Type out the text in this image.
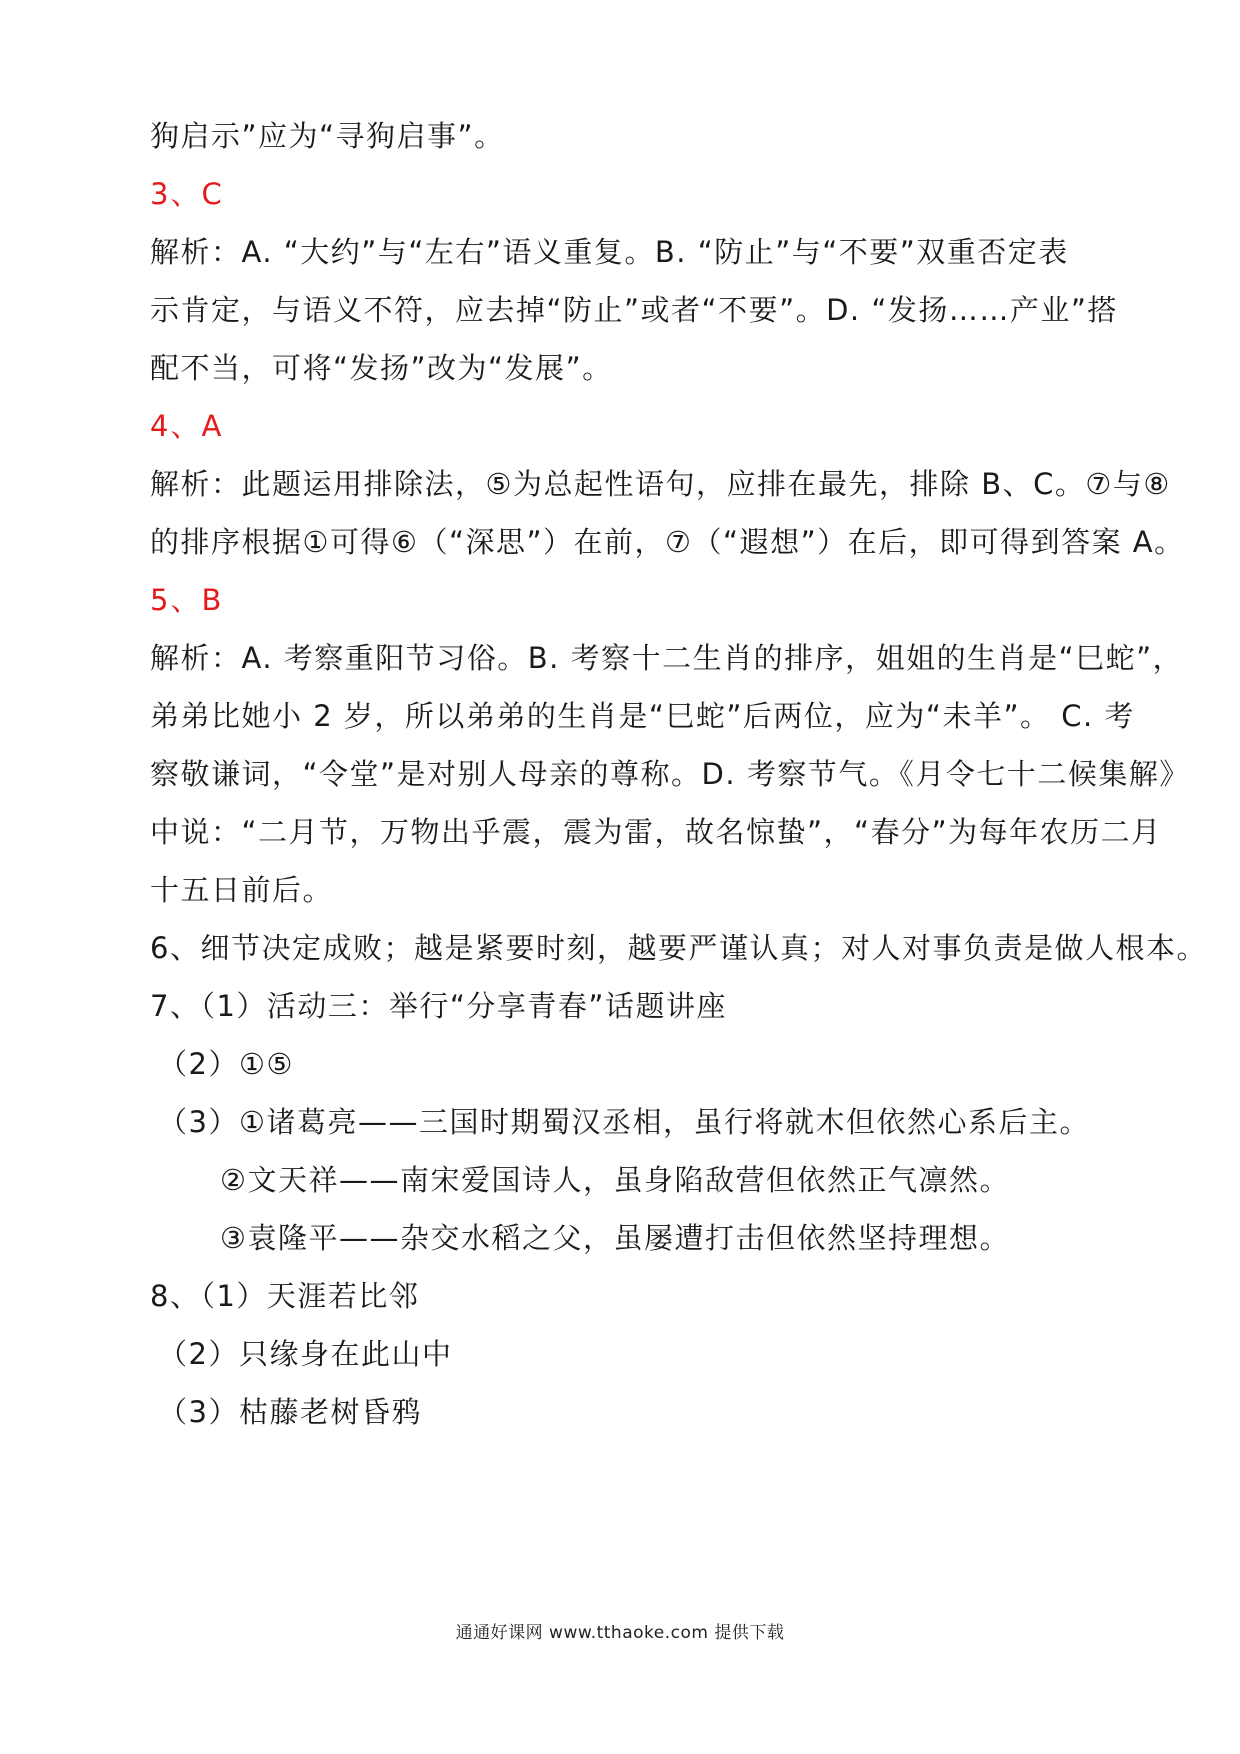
狗启示”应为“寻狗启事”。
3、C
解析：A. “大约”与“左右”语义重复。B. “防止”与“不要”双重否定表
示肯定，与语义不符，应去掉“防止”或者“不要”。D. “发扬……产业”搭
配不当，可将“发扬”改为“发展”。
4、A
解析：此题运用排除法，⑤为总起性语句，应排在最先，排除 B、C。⑦与⑧
的排序根据①可得⑥（“深思”）在前，⑦（“遐想”）在后，即可得到答案 A。
5、B
解析：A. 考察重阳节习俗。B. 考察十二生肖的排序，姐姐的生肖是“巳蛇”，
弟弟比她小 2 岁，所以弟弟的生肖是“巳蛇”后两位，应为“未羊”。 C. 考
察敬谦词，“令堂”是对别人母亲的尊称。D. 考察节气。《月令七十二候集解》
中说：“二月节，万物出乎震，震为雷，故名惊蛰”，“春分”为每年农历二月
十五日前后。
6、细节决定成败；越是紧要时刻，越要严谨认真；对人对事负责是做人根本。
7、（1）活动三：举行“分享青春”话题讲座
（2）①⑤
（3）①诸葛亮——三国时期蜀汉丞相，虽行将就木但依然心系后主。
②文天祥——南宋爱国诗人，虽身陷敌营但依然正气凛然。
③袁隆平——杂交水稻之父，虽屡遭打击但依然坚持理想。
8、（1）天涯若比邻
（2）只缘身在此山中
（3）枯藤老树昏鸦
通通好课网 www.tthaoke.com 提供下载
